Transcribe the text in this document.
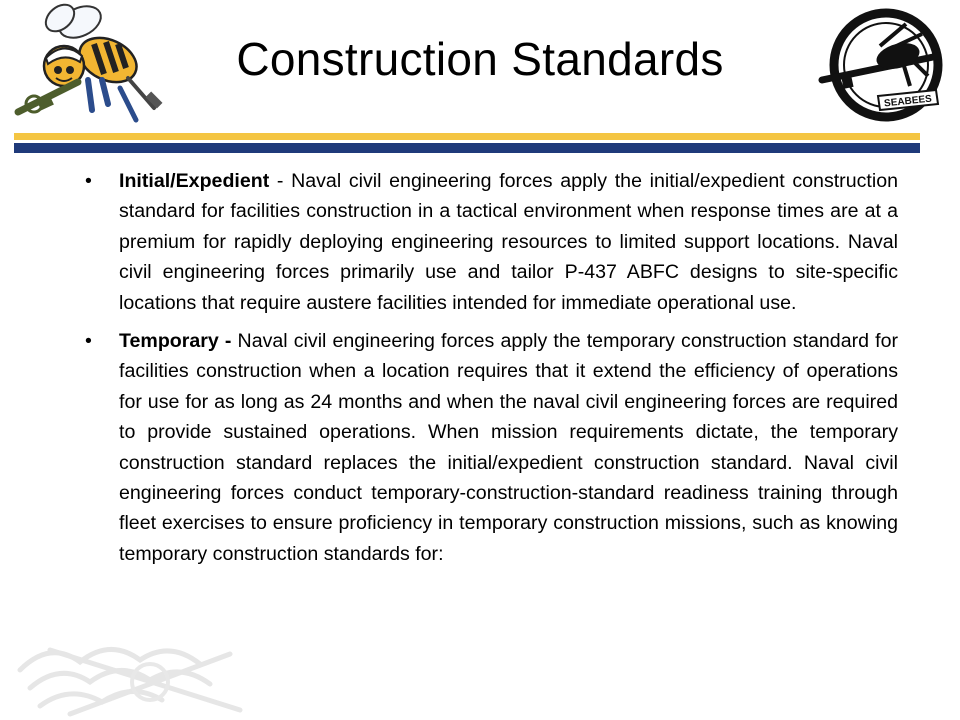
SEABEES
Construction Standards
• Initial/Expedient - Naval civil engineering forces apply the initial/expedient construction standard for facilities construction in a tactical environment when response times are at a premium for rapidly deploying engineering resources to limited support locations. Naval civil engineering forces primarily use and tailor P-437 ABFC designs to site-specific locations that require austere facilities intended for immediate operational use.
• Temporary - Naval civil engineering forces apply the temporary construction standard for facilities construction when a location requires that it extend the efficiency of operations for use for as long as 24 months and when the naval civil engineering forces are required to provide sustained operations. When mission requirements dictate, the temporary construction standard replaces the initial/expedient construction standard. Naval civil engineering forces conduct temporary-construction-standard readiness training through fleet exercises to ensure proficiency in temporary construction missions, such as knowing temporary construction standards for:
